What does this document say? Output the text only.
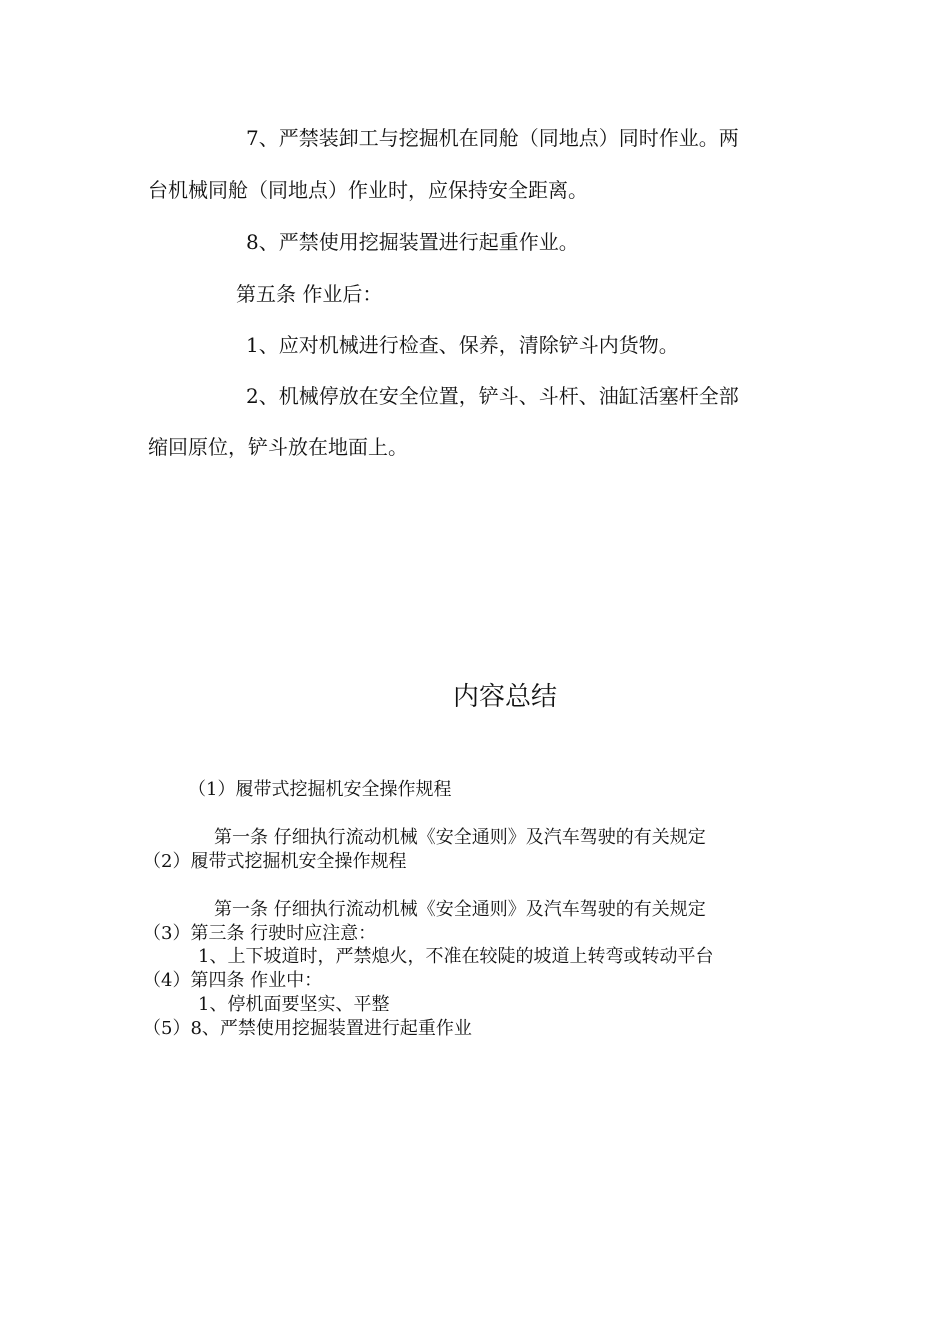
7、严禁装卸工与挖掘机在同舱（同地点）同时作业。两
台机械同舱（同地点）作业时，应保持安全距离。
8、严禁使用挖掘装置进行起重作业。
第五条 作业后：
1、应对机械进行检查、保养，清除铲斗内货物。
2、机械停放在安全位置，铲斗、斗杆、油缸活塞杆全部
缩回原位，铲斗放在地面上。
内容总结
（1）履带式挖掘机安全操作规程
第一条 仔细执行流动机械《安全通则》及汽车驾驶的有关规定
（2）履带式挖掘机安全操作规程
第一条 仔细执行流动机械《安全通则》及汽车驾驶的有关规定
（3）第三条 行驶时应注意：
1、上下坡道时，严禁熄火，不准在较陡的坡道上转弯或转动平台
（4）第四条 作业中：
1、停机面要坚实、平整
（5）8、严禁使用挖掘装置进行起重作业
